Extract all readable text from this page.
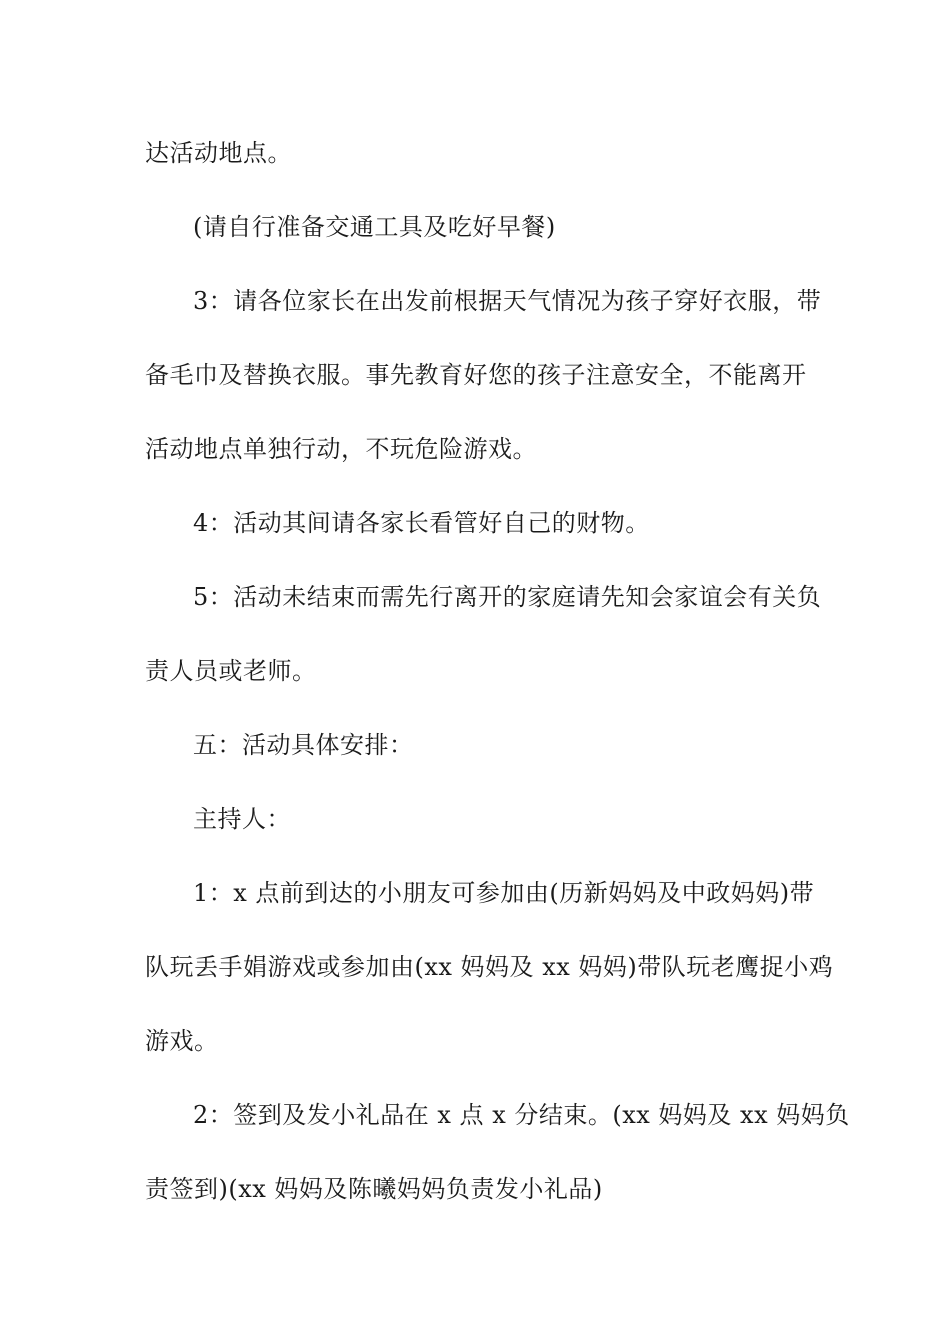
达活动地点。
(请自行准备交通工具及吃好早餐)
3：请各位家长在出发前根据天气情况为孩子穿好衣服，带
备毛巾及替换衣服。事先教育好您的孩子注意安全，不能离开
活动地点单独行动，不玩危险游戏。
4：活动其间请各家长看管好自己的财物。
5：活动未结束而需先行离开的家庭请先知会家谊会有关负
责人员或老师。
五：活动具体安排：
主持人：
1：x 点前到达的小朋友可参加由(历新妈妈及中政妈妈)带
队玩丢手娟游戏或参加由(xx 妈妈及 xx 妈妈)带队玩老鹰捉小鸡
游戏。
2：签到及发小礼品在 x 点 x 分结束。(xx 妈妈及 xx 妈妈负
责签到)(xx 妈妈及陈曦妈妈负责发小礼品)
